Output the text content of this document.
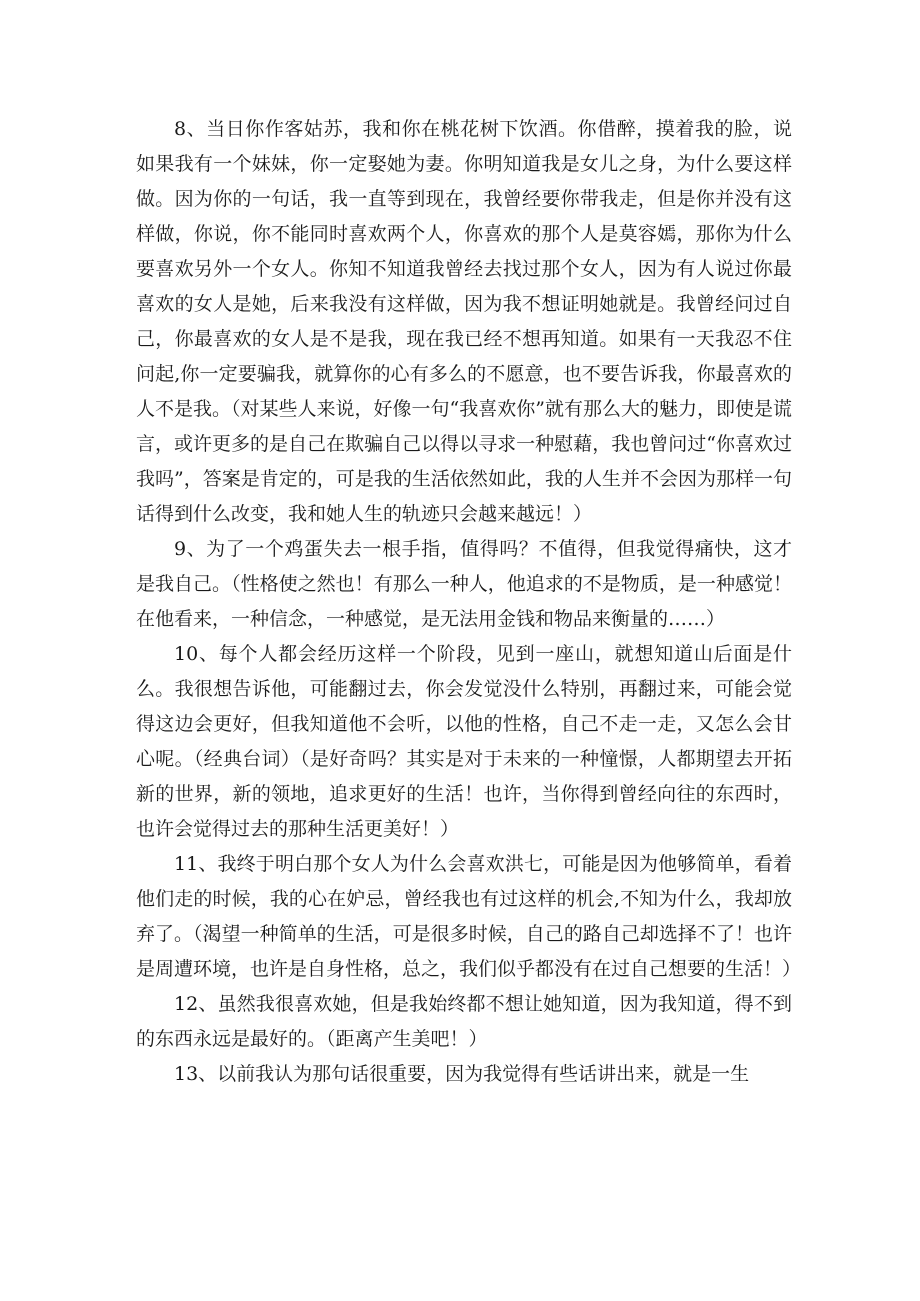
8、当日你作客姑苏，我和你在桃花树下饮酒。你借醉，摸着我的脸，说如果我有一个妹妹，你一定娶她为妻。你明知道我是女儿之身，为什么要这样做。因为你的一句话，我一直等到现在，我曾经要你带我走，但是你并没有这样做，你说，你不能同时喜欢两个人，你喜欢的那个人是莫容嫣，那你为什么要喜欢另外一个女人。你知不知道我曾经去找过那个女人，因为有人说过你最喜欢的女人是她，后来我没有这样做，因为我不想证明她就是。我曾经问过自己，你最喜欢的女人是不是我，现在我已经不想再知道。如果有一天我忍不住问起,你一定要骗我，就算你的心有多么的不愿意，也不要告诉我，你最喜欢的人不是我。（对某些人来说，好像一句“我喜欢你”就有那么大的魅力，即使是谎言，或许更多的是自己在欺骗自己以得以寻求一种慰藉，我也曾问过“你喜欢过我吗”，答案是肯定的，可是我的生活依然如此，我的人生并不会因为那样一句话得到什么改变，我和她人生的轨迹只会越来越远！）

9、为了一个鸡蛋失去一根手指，值得吗？不值得，但我觉得痛快，这才是我自己。（性格使之然也！有那么一种人，他追求的不是物质，是一种感觉！在他看来，一种信念，一种感觉，是无法用金钱和物品来衡量的……）

10、每个人都会经历这样一个阶段，见到一座山，就想知道山后面是什么。我很想告诉他，可能翻过去，你会发觉没什么特别，再翻过来，可能会觉得这边会更好，但我知道他不会听，以他的性格，自己不走一走，又怎么会甘心呢。（经典台词）（是好奇吗？其实是对于未来的一种憧憬，人都期望去开拓新的世界，新的领地，追求更好的生活！也许，当你得到曾经向往的东西时，也许会觉得过去的那种生活更美好！）

11、我终于明白那个女人为什么会喜欢洪七，可能是因为他够简单，看着他们走的时候，我的心在妒忌，曾经我也有过这样的机会,不知为什么，我却放弃了。（渴望一种简单的生活，可是很多时候，自己的路自己却选择不了！也许是周遭环境，也许是自身性格，总之，我们似乎都没有在过自己想要的生活！）

12、虽然我很喜欢她，但是我始终都不想让她知道，因为我知道，得不到的东西永远是最好的。（距离产生美吧！）

13、以前我认为那句话很重要，因为我觉得有些话讲出来，就是一生
